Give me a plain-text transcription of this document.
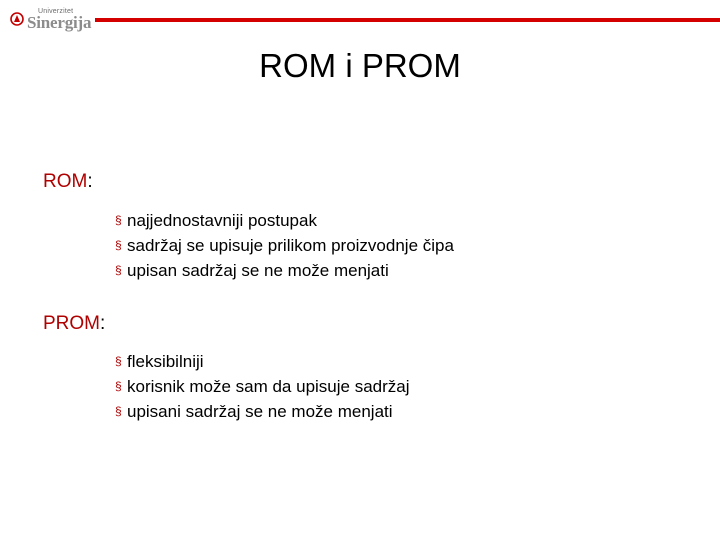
Univerzitet
Sinergija
ROM i PROM
ROM:
§ najjednostavniji postupak
§ sadržaj se upisuje prilikom proizvodnje čipa
§ upisan sadržaj se ne može menjati
PROM:
§ fleksibilniji
§ korisnik može sam da upisuje sadržaj
§ upisani sadržaj se ne može menjati
